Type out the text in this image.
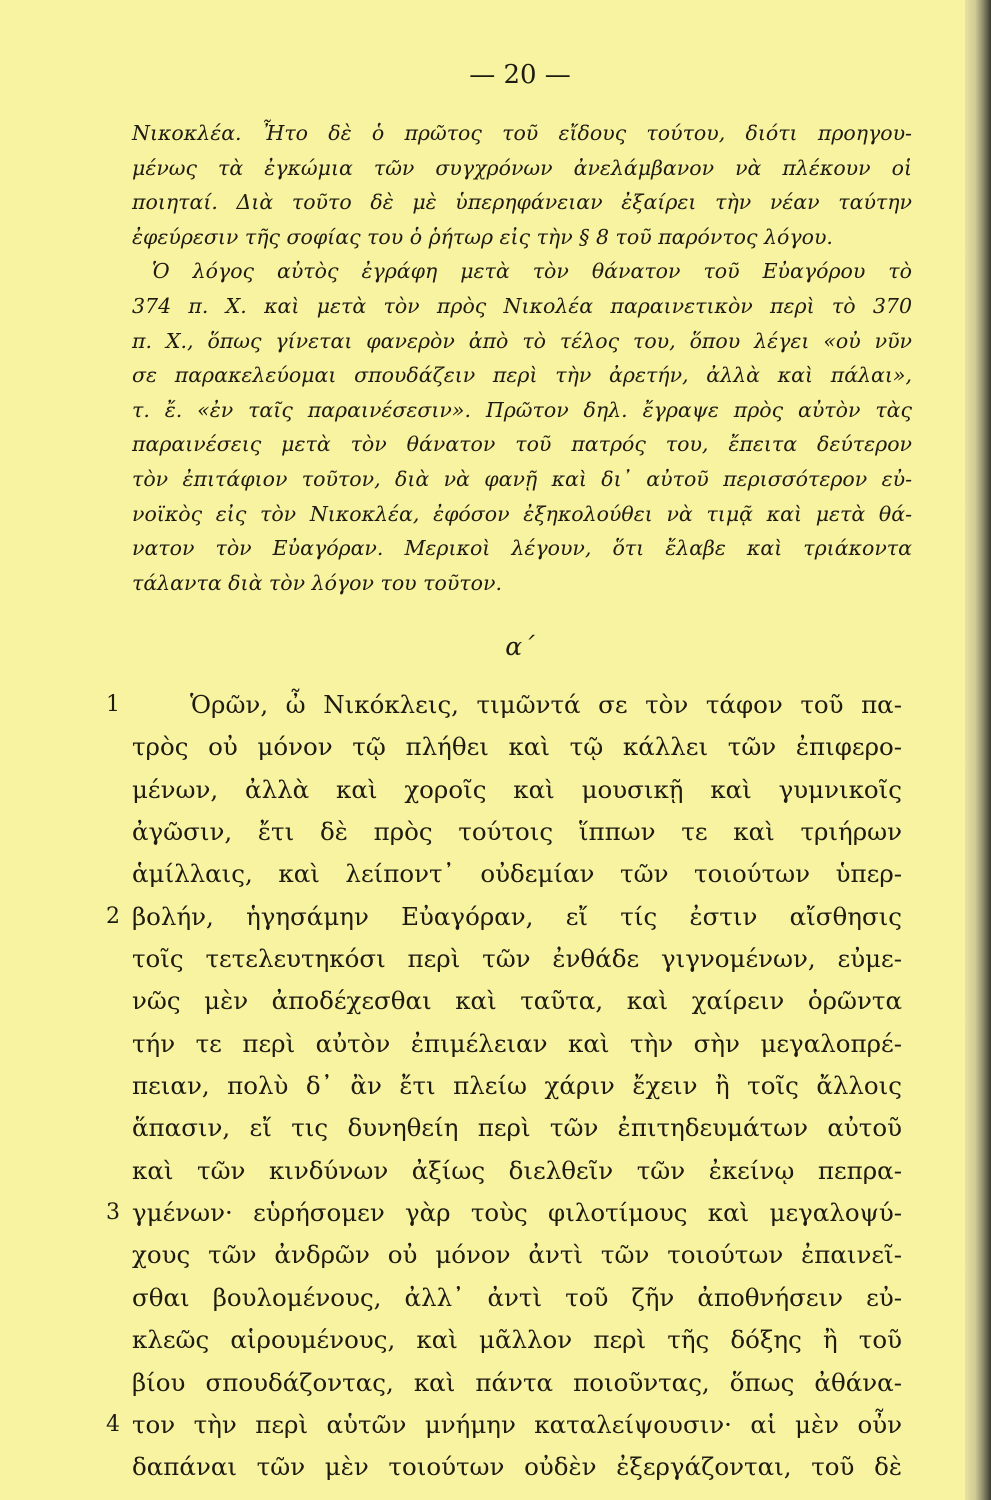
— 20 —

Νικοκλέα. Ἦτο δὲ ὁ πρῶτος τοῦ εἴδους τούτου, διότι προηγου-

μένως τὰ ἐγκώμια τῶν συγχρόνων ἀνελάμβανον νὰ πλέκουν οἱ

ποιηταί. Διὰ τοῦτο δὲ μὲ ὑπερηφάνειαν ἐξαίρει τὴν νέαν ταύτην

ἐφεύρεσιν τῆς σοφίας του ὁ ῥήτωρ εἰς τὴν § 8 τοῦ παρόντος λόγου.

Ὁ λόγος αὐτὸς ἐγράφη μετὰ τὸν θάνατον τοῦ Εὐαγόρου τὸ

374 π. Χ. καὶ μετὰ τὸν πρὸς Νικολέα παραινετικὸν περὶ τὸ 370

π. Χ., ὅπως γίνεται φανερὸν ἀπὸ τὸ τέλος του, ὅπου λέγει «οὐ νῦν

σε παρακελεύομαι σπουδάζειν περὶ τὴν ἀρετήν, ἀλλὰ καὶ πάλαι»,

τ. ἔ. «ἐν ταῖς παραινέσεσιν». Πρῶτον δηλ. ἔγραψε πρὸς αὐτὸν τὰς

παραινέσεις μετὰ τὸν θάνατον τοῦ πατρός του, ἔπειτα δεύτερον

τὸν ἐπιτάφιον τοῦτον, διὰ νὰ φανῇ καὶ δι᾽ αὐτοῦ περισσότερον εὐ-

νοϊκὸς εἰς τὸν Νικοκλέα, ἐφόσον ἐξηκολούθει νὰ τιμᾷ καὶ μετὰ θά-

νατον τὸν Εὐαγόραν. Μερικοὶ λέγουν, ὅτι ἔλαβε καὶ τριάκοντα

τάλαντα διὰ τὸν λόγον του τοῦτον.

α΄
1	Ὁρῶν, ὦ Νικόκλεις, τιμῶντά σε τὸν τάφον τοῦ πα-
τρὸς οὐ μόνον τῷ πλήθει καὶ τῷ κάλλει τῶν ἐπιφερο-
μένων, ἀλλὰ καὶ χοροῖς καὶ μουσικῇ καὶ γυμνικοῖς
ἀγῶσιν, ἔτι δὲ πρὸς τούτοις ἵππων τε καὶ τριήρων
ἁμίλλαις, καὶ λείποντ᾽ οὐδεμίαν τῶν τοιούτων ὑπερ-
2 βολήν, ἡγησάμην Εὐαγόραν, εἴ τίς ἐστιν αἴσθησις
τοῖς τετελευτηκόσι περὶ τῶν ἐνθάδε γιγνομένων, εὐμε-
νῶς μὲν ἀποδέχεσθαι καὶ ταῦτα, καὶ χαίρειν ὁρῶντα
τήν τε περὶ αὐτὸν ἐπιμέλειαν καὶ τὴν σὴν μεγαλοπρέ-
πειαν, πολὺ δ᾽ ἂν ἔτι πλείω χάριν ἔχειν ἢ τοῖς ἄλλοις
ἅπασιν, εἴ τις δυνηθείη περὶ τῶν ἐπιτηδευμάτων αὐτοῦ
καὶ τῶν κινδύνων ἀξίως διελθεῖν τῶν ἐκείνῳ πεπρα-
3 γμένων· εὑρήσομεν γὰρ τοὺς φιλοτίμους καὶ μεγαλοψύ-
χους τῶν ἀνδρῶν οὐ μόνον ἀντὶ τῶν τοιούτων ἐπαινεῖ-
σθαι βουλομένους, ἀλλ᾽ ἀντὶ τοῦ ζῆν ἀποθνήσειν εὐ-
κλεῶς αἱρουμένους, καὶ μᾶλλον περὶ τῆς δόξης ἢ τοῦ
βίου σπουδάζοντας, καὶ πάντα ποιοῦντας, ὅπως ἀθάνα-
4 τον τὴν περὶ αὑτῶν μνήμην καταλείψουσιν· αἱ μὲν οὖν
δαπάναι τῶν μὲν τοιούτων οὐδὲν ἐξεργάζονται, τοῦ δὲ
